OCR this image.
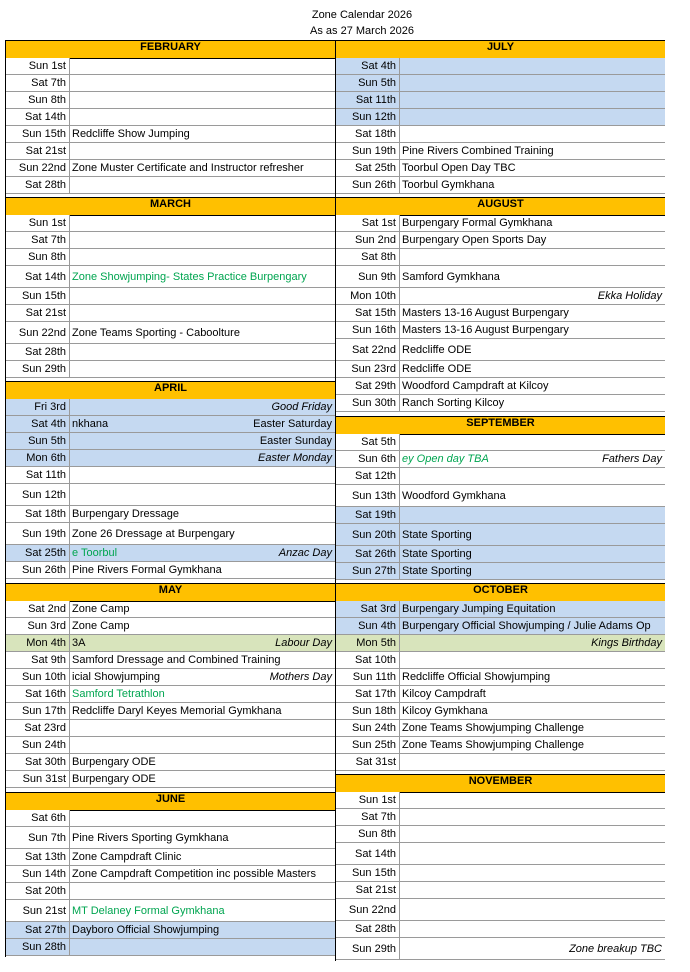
Zone Calendar 2026
As as 27 March 2026
FEBRUARY
Sun 1st
Sat 7th
Sun 8th
Sat 14th
Sun 15th Redcliffe Show Jumping
Sat 21st
Sun 22nd Zone Muster Certificate and Instructor refresher
Sat 28th
MARCH
Sun 1st
Sat 7th
Sun 8th
Sat 14th Zone Showjumping- States Practice Burpengary
Sun 15th
Sat 21st
Sun 22nd Zone Teams Sporting - Caboolture
Sat 28th
Sun 29th
APRIL
Fri 3rd	Good Friday
Sat 4th nkhana	Easter Saturday
Sun 5th	Easter Sunday
Mon 6th	Easter Monday
Sat 11th
Sun 12th
Sat 18th Burpengary Dressage
Sun 19th Zone 26 Dressage at Burpengary
Sat 25th e Toorbul	Anzac Day
Sun 26th Pine Rivers Formal Gymkhana
MAY
Sat 2nd Zone Camp
Sun 3rd Zone Camp
Mon 4th 3A	Labour Day
Sat 9th Samford Dressage and Combined Training
Sun 10th icial Showjumping	Mothers Day
Sat 16th Samford Tetrathlon
Sun 17th Redcliffe Daryl Keyes Memorial Gymkhana
Sat 23rd
Sun 24th
Sat 30th Burpengary ODE
Sun 31st Burpengary ODE
JUNE
Sat 6th
Sun 7th Pine Rivers Sporting Gymkhana
Sat 13th Zone Campdraft Clinic
Sun 14th Zone Campdraft Competition inc possible Masters
Sat 20th
Sun 21st MT Delaney Formal Gymkhana
Sat 27th Dayboro Official Showjumping
Sun 28th
JULY
Sat 4th
Sun 5th
Sat 11th
Sun 12th
Sat 18th
Sun 19th Pine Rivers Combined Training
Sat 25th Toorbul Open Day TBC
Sun 26th Toorbul Gymkhana
AUGUST
Sat 1st Burpengary Formal Gymkhana
Sun 2nd Burpengary Open Sports Day
Sat 8th
Sun 9th Samford Gymkhana
Mon 10th	Ekka Holiday
Sat 15th Masters 13-16 August Burpengary
Sun 16th Masters 13-16 August Burpengary
Sat 22nd Redcliffe ODE
Sun 23rd Redcliffe ODE
Sat 29th Woodford Campdraft at Kilcoy
Sun 30th Ranch Sorting Kilcoy
SEPTEMBER
Sat 5th
Sun 6th ey Open day TBA	Fathers Day
Sat 12th
Sun 13th Woodford Gymkhana
Sat 19th
Sun 20th State Sporting
Sat 26th State Sporting
Sun 27th State Sporting
OCTOBER
Sat 3rd Burpengary Jumping Equitation
Sun 4th Burpengary Official Showjumping / Julie Adams Op
Mon 5th	Kings Birthday
Sat 10th
Sun 11th Redcliffe Official Showjumping
Sat 17th Kilcoy Campdraft
Sun 18th Kilcoy Gymkhana
Sun 24th Zone Teams Showjumping Challenge
Sun 25th Zone Teams Showjumping Challenge
Sat 31st
NOVEMBER
Sun 1st
Sat 7th
Sun 8th
Sat 14th
Sun 15th
Sat 21st
Sun 22nd
Sat 28th
Sun 29th	Zone breakup TBC
